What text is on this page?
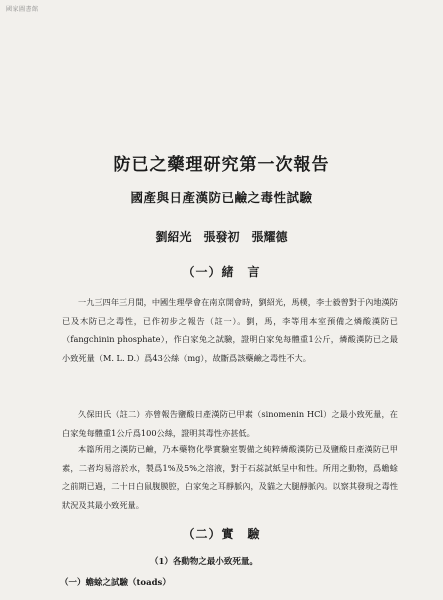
國家圖書館
防已之藥理研究第一次報告
國產與日產漢防已鹼之毒性試驗
劉紹光　張發初　張耀德
（一）緒　言
一九三四年三月間，中國生理學會在南京開會時，劉紹光，馬樸，李士毅曾對于內地漢防已及木防已之毒性，已作初步之報告（註一）。劉，馬，李等用本室預備之燐酸漢防已（fangchinin phosphate），作白家兔之試驗，證明白家兔每體重1公斤，燐酸漢防已之最小致死量（M. L. D.）爲43公絲（mg），故斷爲該藥鹼之毒性不大。
久保田氏（註二）亦曾報告鹽酸日產漢防已甲素（sinomenin HCl）之最小致死量，在白家兔每體重1公斤爲100公絲，證明其毒性亦甚低。
本篇所用之漢防已鹼，乃本藥物化學實驗室製備之純粹燐酸漢防已及鹽酸日產漢防已甲素，二者均易溶於水，製爲1%及5%之溶液，對于石蕊試紙呈中和性。所用之動物，爲蟾蜍之前期已過，二十日白鼠腹膜腔，白家兔之耳靜脈內，及貓之大腿靜脈內。以察其發現之毒性狀況及其最小致死量。
（二）實　驗
（1）各動物之最小致死量。
（一）蟾蜍之試驗（toads）
